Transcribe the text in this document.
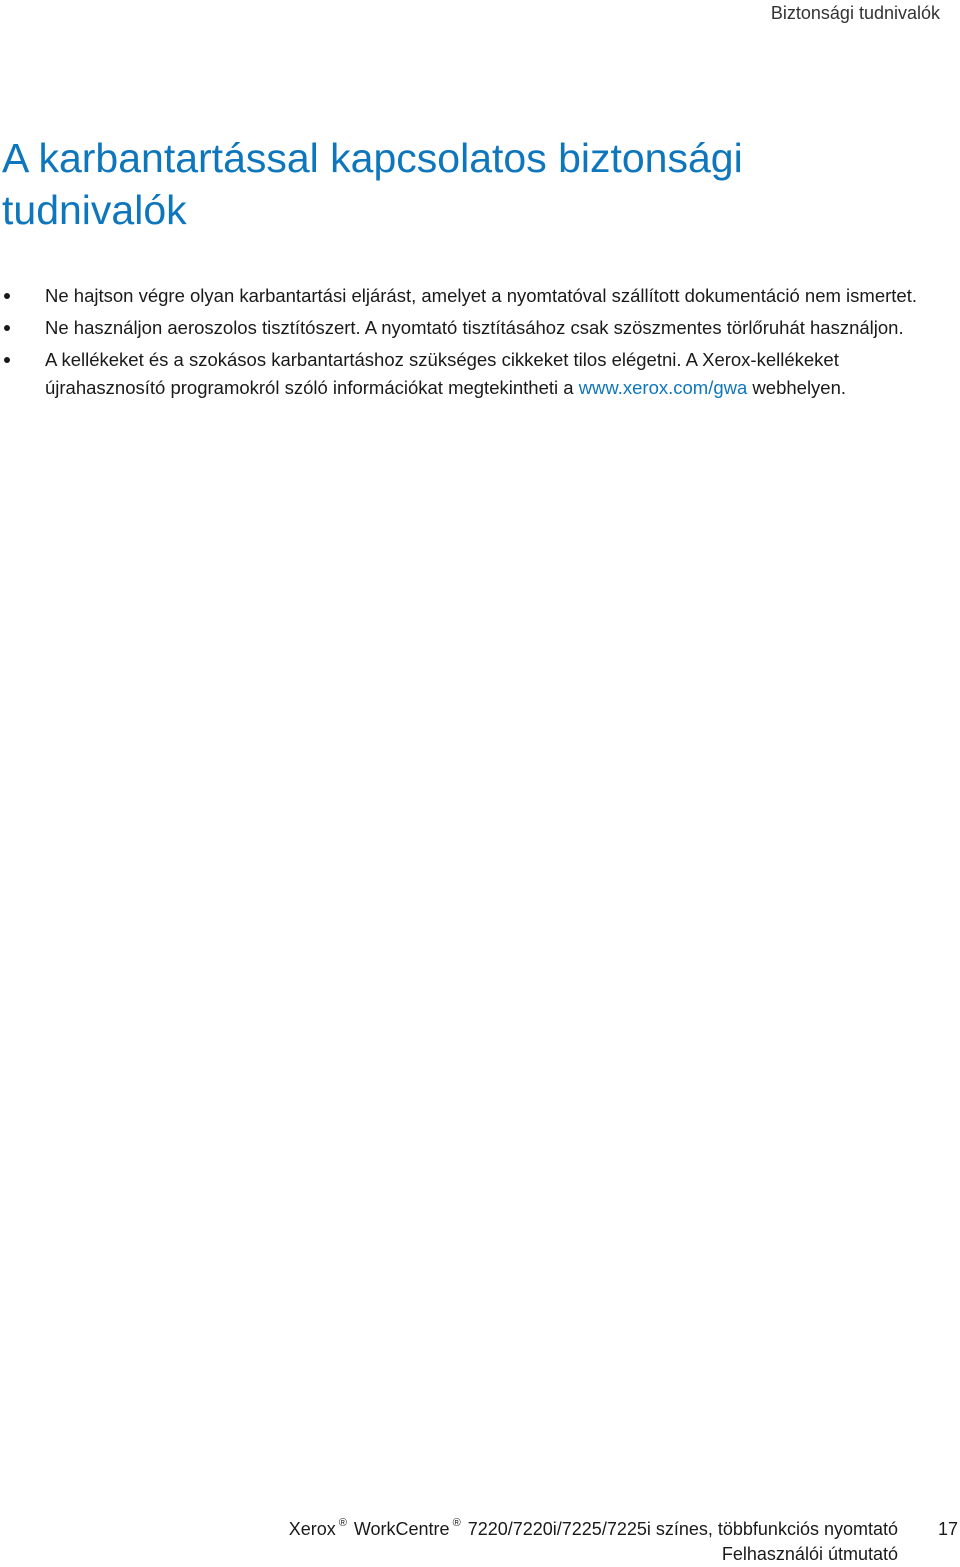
Biztonsági tudnivalók
A karbantartással kapcsolatos biztonsági tudnivalók
Ne hajtson végre olyan karbantartási eljárást, amelyet a nyomtatóval szállított dokumentáció nem ismertet.
Ne használjon aeroszolos tisztítószert. A nyomtató tisztításához csak szöszmentes törlőruhát használjon.
A kellékeket és a szokásos karbantartáshoz szükséges cikkeket tilos elégetni. A Xerox-kellékeket újrahasznosító programokról szóló információkat megtekintheti a www.xerox.com/gwa webhelyen.
Xerox ® WorkCentre ® 7220/7220i/7225/7225i színes, többfunkciós nyomtató
Felhasználói útmutató
17
